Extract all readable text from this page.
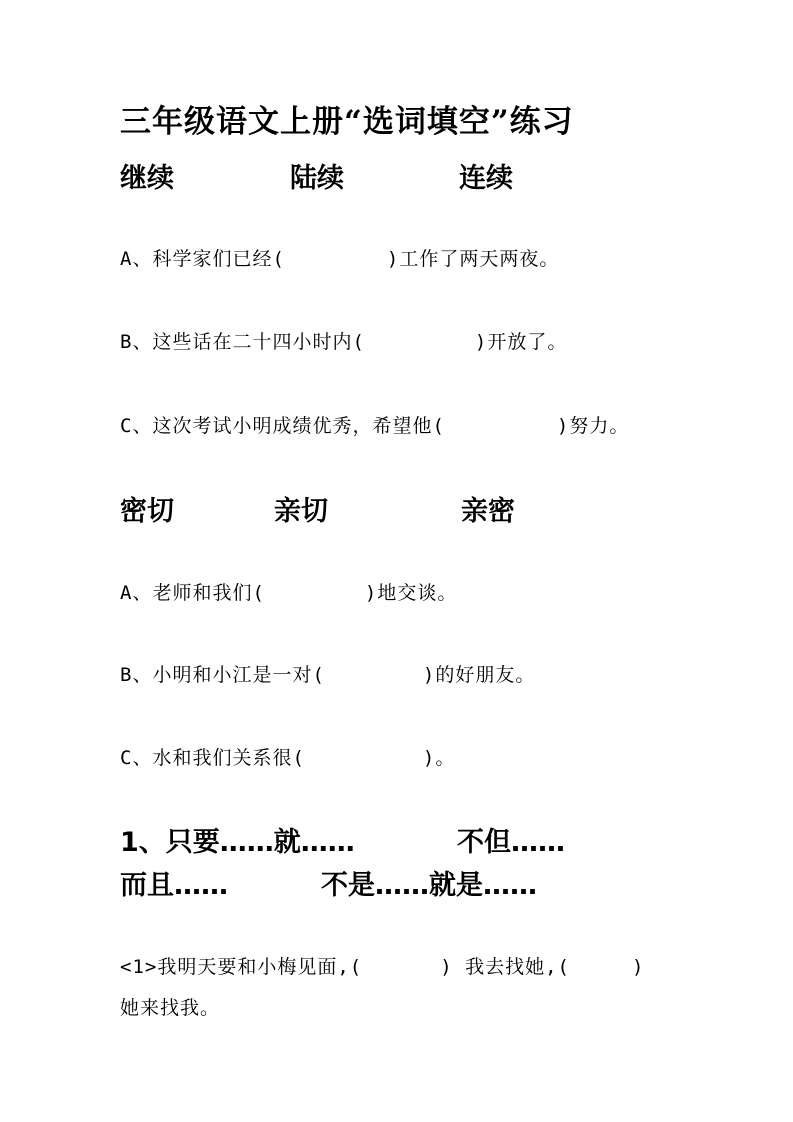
三年级语文上册“选词填空”练习
继续	陆续	连续
A、科学家们已经(	)工作了两天两夜。
B、这些话在二十四小时内(	)开放了。
C、这次考试小明成绩优秀，希望他(	)努力。
密切	亲切	亲密
A、老师和我们(	)地交谈。
B、小明和小江是一对(	)的好朋友。
C、水和我们关系很(	)。
1、只要……就……	不但……
而且……	不是……就是……
<1>我明天要和小梅见面,(	) 我去找她,(	)
她来找我。
